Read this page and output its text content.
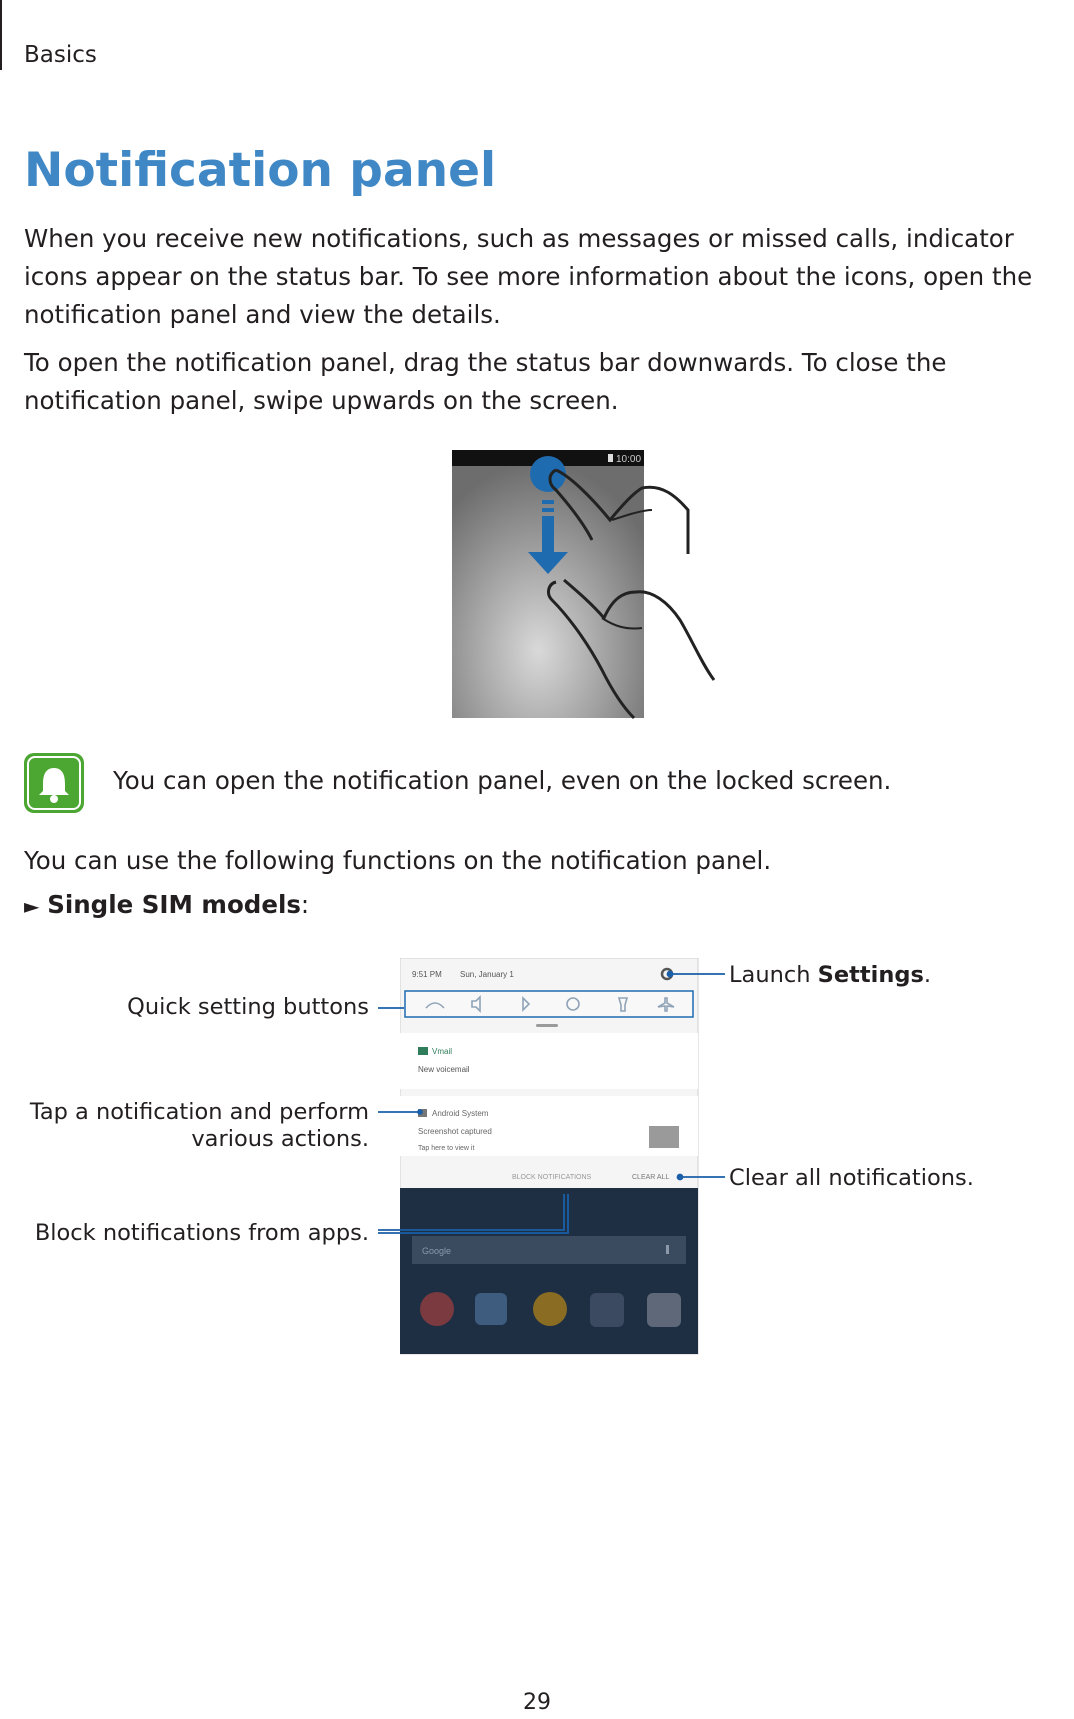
Basics
Notification panel
When you receive new notifications, such as messages or missed calls, indicator icons appear on the status bar. To see more information about the icons, open the notification panel and view the details.
To open the notification panel, drag the status bar downwards. To close the notification panel, swipe upwards on the screen.
10:00
You can open the notification panel, even on the locked screen.
You can use the following functions on the notification panel.
► Single SIM models:
9:51 PM Sun, January 1
Vmail
New voicemail
Android System
Screenshot captured
Tap here to view it
BLOCK NOTIFICATIONS	CLEAR ALL
Google
Launch Settings.
Quick setting buttons
Tap a notification and perform
various actions.
Clear all notifications.
Block notifications from apps.
29
